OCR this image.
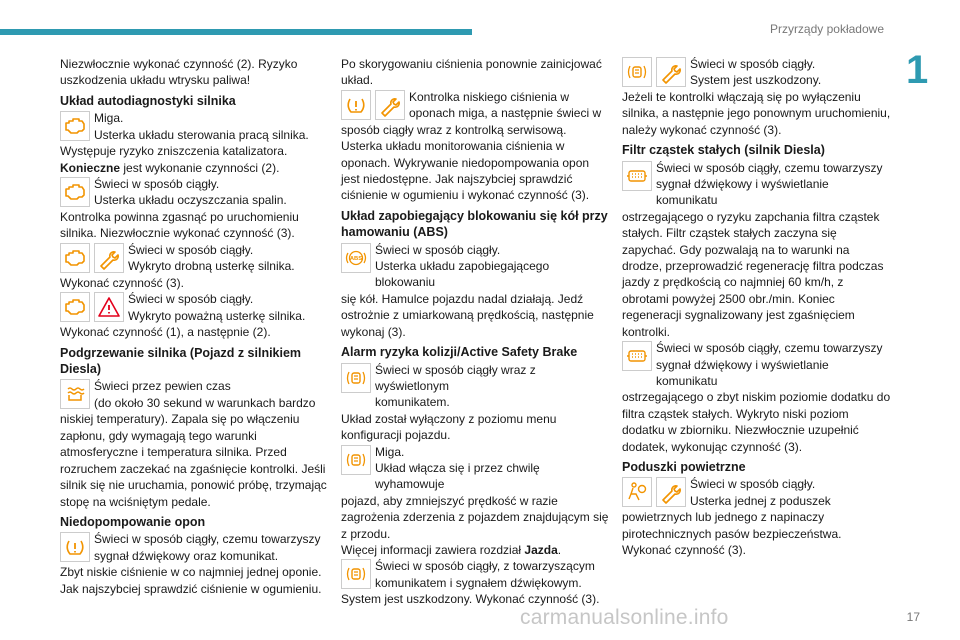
Przyrządy pokładowe
1

Niezwłocznie wykonać czynność (2). Ryzyko uszkodzenia układu wtrysku paliwa!

Układ autodiagnostyki silnika

Miga.

Usterka układu sterowania pracą silnika.

Występuje ryzyko zniszczenia katalizatora.
Konieczne jest wykonanie czynności (2).

Świeci w sposób ciągły.

Usterka układu oczyszczania spalin.

Kontrolka powinna zgasnąć po uruchomieniu silnika. Niezwłocznie wykonać czynność (3).

Świeci w sposób ciągły.

Wykryto drobną usterkę silnika.

Wykonać czynność (3).

Świeci w sposób ciągły.

Wykryto poważną usterkę silnika.

Wykonać czynność (1), a następnie (2).

Podgrzewanie silnika (Pojazd z silnikiem Diesla)

Świeci przez pewien czas

(do około 30 sekund w warunkach bardzo

niskiej temperatury). Zapala się po włączeniu zapłonu, gdy wymagają tego warunki atmosferyczne i temperatura silnika. Przed rozruchem zaczekać na zgaśnięcie kontrolki. Jeśli silnik się nie uruchamia, ponowić próbę, trzymając stopę na wciśniętym pedale.

Niedopompowanie opon

Świeci w sposób ciągły, czemu towarzyszy

sygnał dźwiękowy oraz komunikat.

Zbyt niskie ciśnienie w co najmniej jednej oponie. Jak najszybciej sprawdzić ciśnienie w ogumieniu.

Po skorygowaniu ciśnienia ponownie zainicjować układ.

Kontrolka niskiego ciśnienia w

oponach miga, a następnie świeci w

sposób ciągły wraz z kontrolką serwisową. Usterka układu monitorowania ciśnienia w oponach. Wykrywanie niedopompowania opon jest niedostępne. Jak najszybciej sprawdzić ciśnienie w ogumieniu i wykonać czynność (3).

Układ zapobiegający blokowaniu się kół przy hamowaniu (ABS)
ABS

Świeci w sposób ciągły.

Usterka układu zapobiegającego blokowaniu

się kół. Hamulce pojazdu nadal działają. Jedź ostrożnie z umiarkowaną prędkością, następnie wykonaj (3).

Alarm ryzyka kolizji/Active Safety Brake

Świeci w sposób ciągły wraz z wyświetlonym

komunikatem.

Układ został wyłączony z poziomu menu konfiguracji pojazdu.

Miga.

Układ włącza się i przez chwilę wyhamowuje

pojazd, aby zmniejszyć prędkość w razie zagrożenia zderzenia z pojazdem znajdującym się z przodu.

Więcej informacji zawiera rozdział Jazda.

Świeci w sposób ciągły, z towarzyszącym

komunikatem i sygnałem dźwiękowym.

System jest uszkodzony. Wykonać czynność (3).

Świeci w sposób ciągły.

System jest uszkodzony.

Jeżeli te kontrolki włączają się po wyłączeniu silnika, a następnie jego ponownym uruchomieniu, należy wykonać czynność (3).

Filtr cząstek stałych (silnik Diesla)

Świeci w sposób ciągły, czemu towarzyszy

sygnał dźwiękowy i wyświetlanie komunikatu

ostrzegającego o ryzyku zapchania filtra cząstek stałych. Filtr cząstek stałych zaczyna się zapychać. Gdy pozwalają na to warunki na drodze, przeprowadzić regenerację filtra podczas jazdy z prędkością co najmniej 60 km/h, z obrotami powyżej 2500 obr./min. Koniec regeneracji sygnalizowany jest zgaśnięciem kontrolki.

Świeci w sposób ciągły, czemu towarzyszy

sygnał dźwiękowy i wyświetlanie komunikatu

ostrzegającego o zbyt niskim poziomie dodatku do filtra cząstek stałych. Wykryto niski poziom dodatku w zbiorniku. Niezwłocznie uzupełnić dodatek, wykonując czynność (3).

Poduszki powietrzne

Świeci w sposób ciągły.

Usterka jednej z poduszek

powietrznych lub jednego z napinaczy pirotechnicznych pasów bezpieczeństwa. Wykonać czynność (3).

carmanualsonline.info	17
